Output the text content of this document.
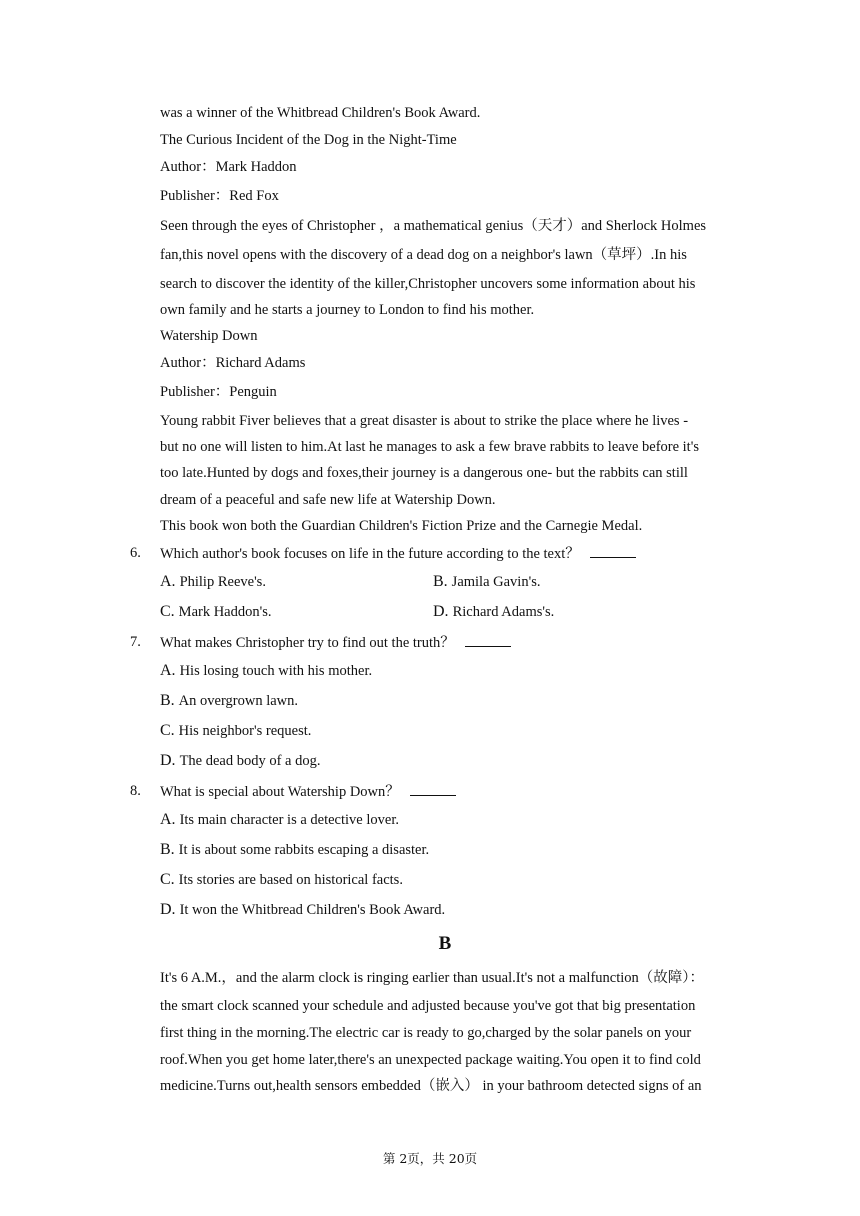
was a winner of the Whitbread Children's Book Award.
The Curious Incident of the Dog in the Night-Time
Author：Mark Haddon
Publisher：Red Fox
Seen through the eyes of Christopher ，a mathematical genius（天才）and Sherlock Holmes
fan,this novel opens with the discovery of a dead dog on a neighbor's lawn（草坪）.In his
search to discover the identity of the killer,Christopher uncovers some information about his
own family and he starts a journey to London to find his mother.
Watership Down
Author：Richard Adams
Publisher：Penguin
Young rabbit Fiver believes that a great disaster is about to strike the place where he lives -
but no one will listen to him.At last he manages to ask a few brave rabbits to leave before it's
too late.Hunted by dogs and foxes,their journey is a dangerous one- but the rabbits can still
dream of a peaceful and safe new life at Watership Down.
This book won both the Guardian Children's Fiction Prize and the Carnegie Medal.
6. Which author's book focuses on life in the future according to the text？
A. Philip Reeve's.	B. Jamila Gavin's.
C. Mark Haddon's.	D. Richard Adams's.
7. What makes Christopher try to find out the truth？
A. His losing touch with his mother.
B. An overgrown lawn.
C. His neighbor's request.
D. The dead body of a dog.
8. What is special about Watership Down？
A. Its main character is a detective lover.
B. It is about some rabbits escaping a disaster.
C. Its stories are based on historical facts.
D. It won the Whitbread Children's Book Award.
B
It's 6 A.M.，and the alarm clock is ringing earlier than usual.It's not a malfunction（故障）：
the smart clock scanned your schedule and adjusted because you've got that big presentation
first thing in the morning.The electric car is ready to go,charged by the solar panels on your
roof.When you get home later,there's an unexpected package waiting.You open it to find cold
medicine.Turns out,health sensors embedded（嵌入） in your bathroom detected signs of an
第 2页，共 20页
